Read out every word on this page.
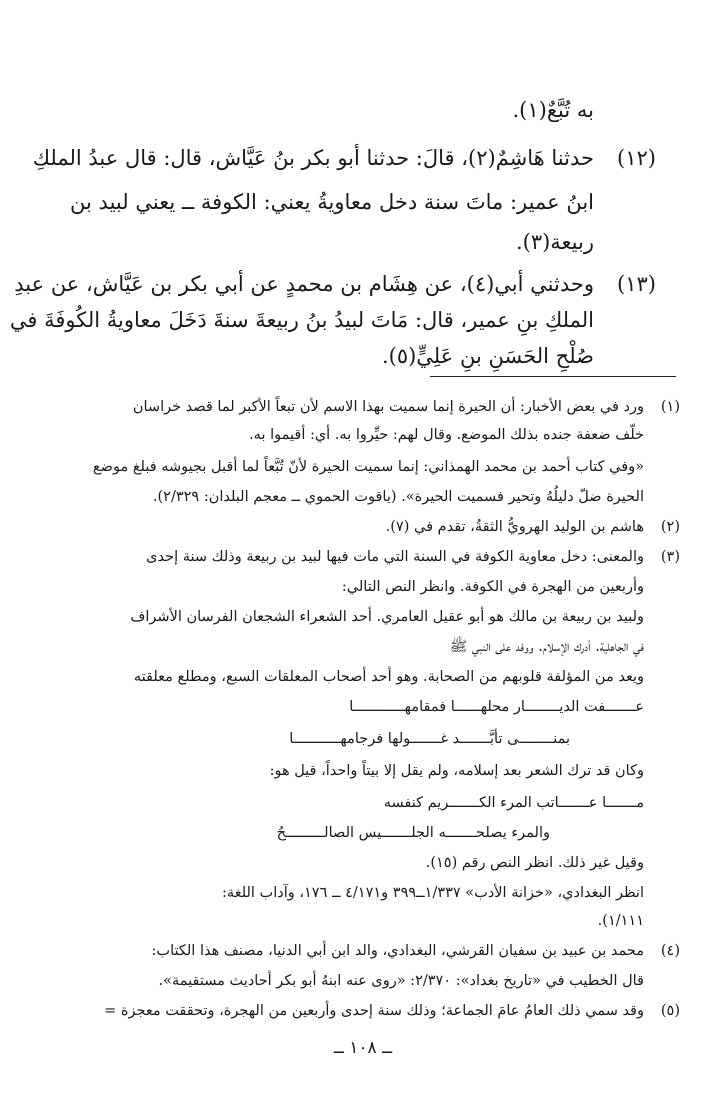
به تُبَّعٌ(١).
(١٢)
حدثنا هَاشِمٌ(٢)، قالَ: حدثنا أبو بكر بنُ عَيَّاش، قال: قال عبدُ الملكِ
ابنُ عمير: ماتَ سنة دخل معاويةُ يعني: الكوفة ــ يعني لبيد بن
ربيعة(٣).
(١٣)
وحدثني أبي(٤)، عن هِشَام بن محمدٍ عن أبي بكر بن عَيَّاش، عن عبدِ
الملكِ بنِ عمير، قال: مَاتَ لبيدُ بنُ ربيعةَ سنةَ دَخَلَ معاويةُ الكُوفَةَ في
صُلْحِ الحَسَنِ بنِ عَلِيٍّ(٥).
(١)
ورد في بعض الأخبار: أن الحيرة إنما سميت بهذا الاسم لأن تبعاً الأكبر لما قصد خراسان
خلّف ضعفة جنده بذلك الموضع. وقال لهم: حيِّروا به. أي: أقيموا به.
«وفي كتاب أحمد بن محمد الهمذاني: إنما سميت الحيرة لأنّ تُبَّعاً لما أقبل بجيوشه فبلغ موضع
الحيرة ضلّ دليلُهُ وتحير فسميت الحيرة». (ياقوت الحموي ــ معجم البلدان: ٢/٣٢٩).
(٢)
هاشم بن الوليد الهرويُّ الثقةُ، تقدم في (٧).
(٣)
والمعنى: دخل معاوية الكوفة في السنة التي مات فيها لبيد بن ربيعة وذلك سنة إحدى
وأربعين من الهجرة في الكوفة. وانظر النص التالي:
ولبيد بن ربيعة بن مالك هو أبو عقيل العامري. أحد الشعراء الشجعان الفرسان الأشراف
في الجاهلية. أدرك الإسلام. ووفد على النبي ﷺ
ويعد من المؤلفة قلوبهم من الصحابة. وهو أحد أصحاب المعلقات السبع، ومطلع معلقته
عـــــــفت الديــــــــار محلهــــــا فمقامهــــــــــــا
بمنــــــــى تأبَّـــــــد غـــــــولها فرجامهـــــــــــا
وكان قد ترك الشعر بعد إسلامه، ولم يقل إلا بيتاً واحداً، قيل هو:
مـــــــا عـــــــاتب المرء الكـــــــريم كنفسه
والمرء يصلحـــــــه الجلـــــــيس الصالـــــــــحُ
وقيل غير ذلك. انظر النص رقم (١٥).
انظر البغدادي، «خزانة الأدب» ١/٣٣٧ــ٣٩٩ و٤/١٧١ ــ ١٧٦، وآداب اللغة:
١/١١١).
(٤)
محمد بن عبيد بن سفيان القرشي، البغدادي، والد ابن أبي الدنيا، مصنف هذا الكتاب:
قال الخطيب في «تاريخ بغداد»: ٢/٣٧٠: «روى عنه ابنهُ أبو بكر أحاديث مستقيمة».
(٥)
وقد سمي ذلك العامُ عامَ الجماعة؛ وذلك سنة إحدى وأربعين من الهجرة، وتحققت معجزة =
ــ ١٠٨ ــ
